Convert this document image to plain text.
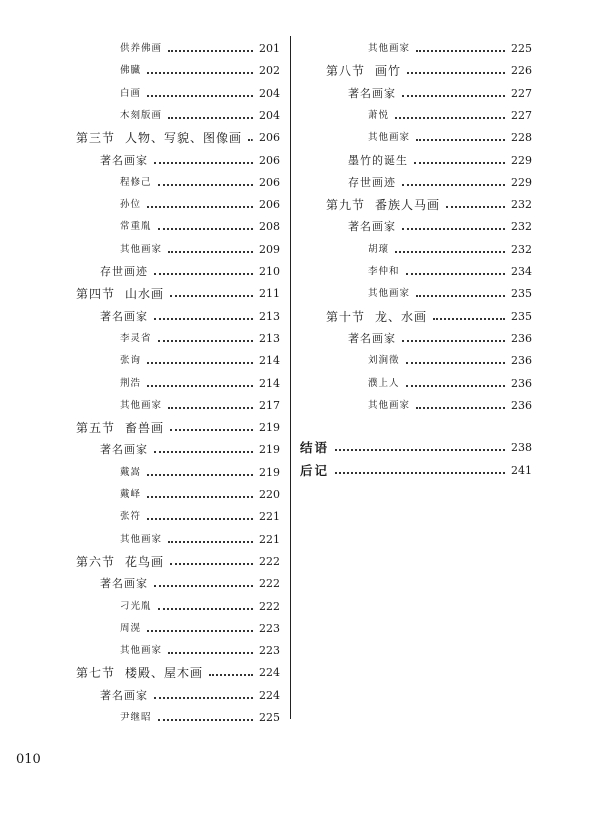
供养佛画	201
佛臓	202
白画	204
木刻版画	204
第三节 人物、写貌、图像画 206
著名画家	206
程修己	206
孙位	206
常重胤	208
其他画家	209
存世画迹	210
第四节 山水画	211
著名画家	213
李灵省	213
张询	214
荆浩	214
其他画家	217
第五节 畜兽画	219
著名画家	219
戴嵩	219
戴峄	220
张符	221
其他画家	221
第六节 花鸟画	222
著名画家	222
刁光胤	222
周滉	223
其他画家	223
第七节 楼殿、屋木画	224
著名画家	224
尹继昭	225
其他画家	225
第八节 画竹	226
著名画家	227
萧悦	227
其他画家	228
墨竹的诞生	229
存世画迹	229
第九节 番族人马画	232
著名画家	232
胡瓌	232
李仲和	234
其他画家	235
第十节 龙、水画	235
著名画家	236
刘涧徵	236
濮上人	236
其他画家	236
结语	238
后记	241
010
